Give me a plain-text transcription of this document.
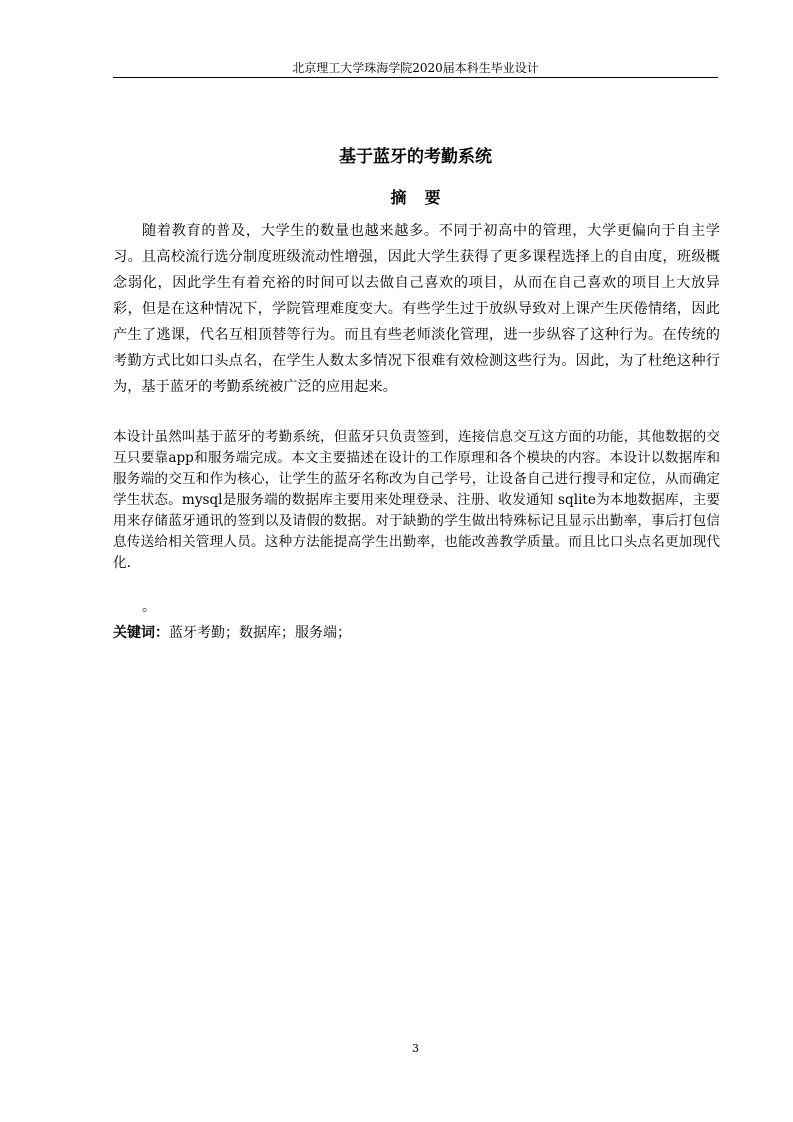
北京理工大学珠海学院2020届本科生毕业设计
基于蓝牙的考勤系统
摘要

随着教育的普及，大学生的数量也越来越多。不同于初高中的管理，大学更偏向于自主学习。且高校流行选分制度班级流动性增强，因此大学生获得了更多课程选择上的自由度，班级概念弱化，因此学生有着充裕的时间可以去做自己喜欢的项目，从而在自己喜欢的项目上大放异彩，但是在这种情况下，学院管理难度变大。有些学生过于放纵导致对上课产生厌倦情绪，因此产生了逃课，代名互相顶替等行为。而且有些老师淡化管理，进一步纵容了这种行为。在传统的考勤方式比如口头点名，在学生人数太多情况下很难有效检测这些行为。因此，为了杜绝这种行为，基于蓝牙的考勤系统被广泛的应用起来。

本设计虽然叫基于蓝牙的考勤系统，但蓝牙只负责签到，连接信息交互这方面的功能，其他数据的交互只要靠app和服务端完成。本文主要描述在设计的工作原理和各个模块的内容。本设计以数据库和服务端的交互和作为核心，让学生的蓝牙名称改为自己学号，让设备自己进行搜寻和定位，从而确定学生状态。mysql是服务端的数据库主要用来处理登录、注册、收发通知 sqlite为本地数据库，主要用来存储蓝牙通讯的签到以及请假的数据。对于缺勤的学生做出特殊标记且显示出勤率，事后打包信息传送给相关管理人员。这种方法能提高学生出勤率，也能改善教学质量。而且比口头点名更加现代化.

。

关键词：蓝牙考勤；数据库；服务端；

3
